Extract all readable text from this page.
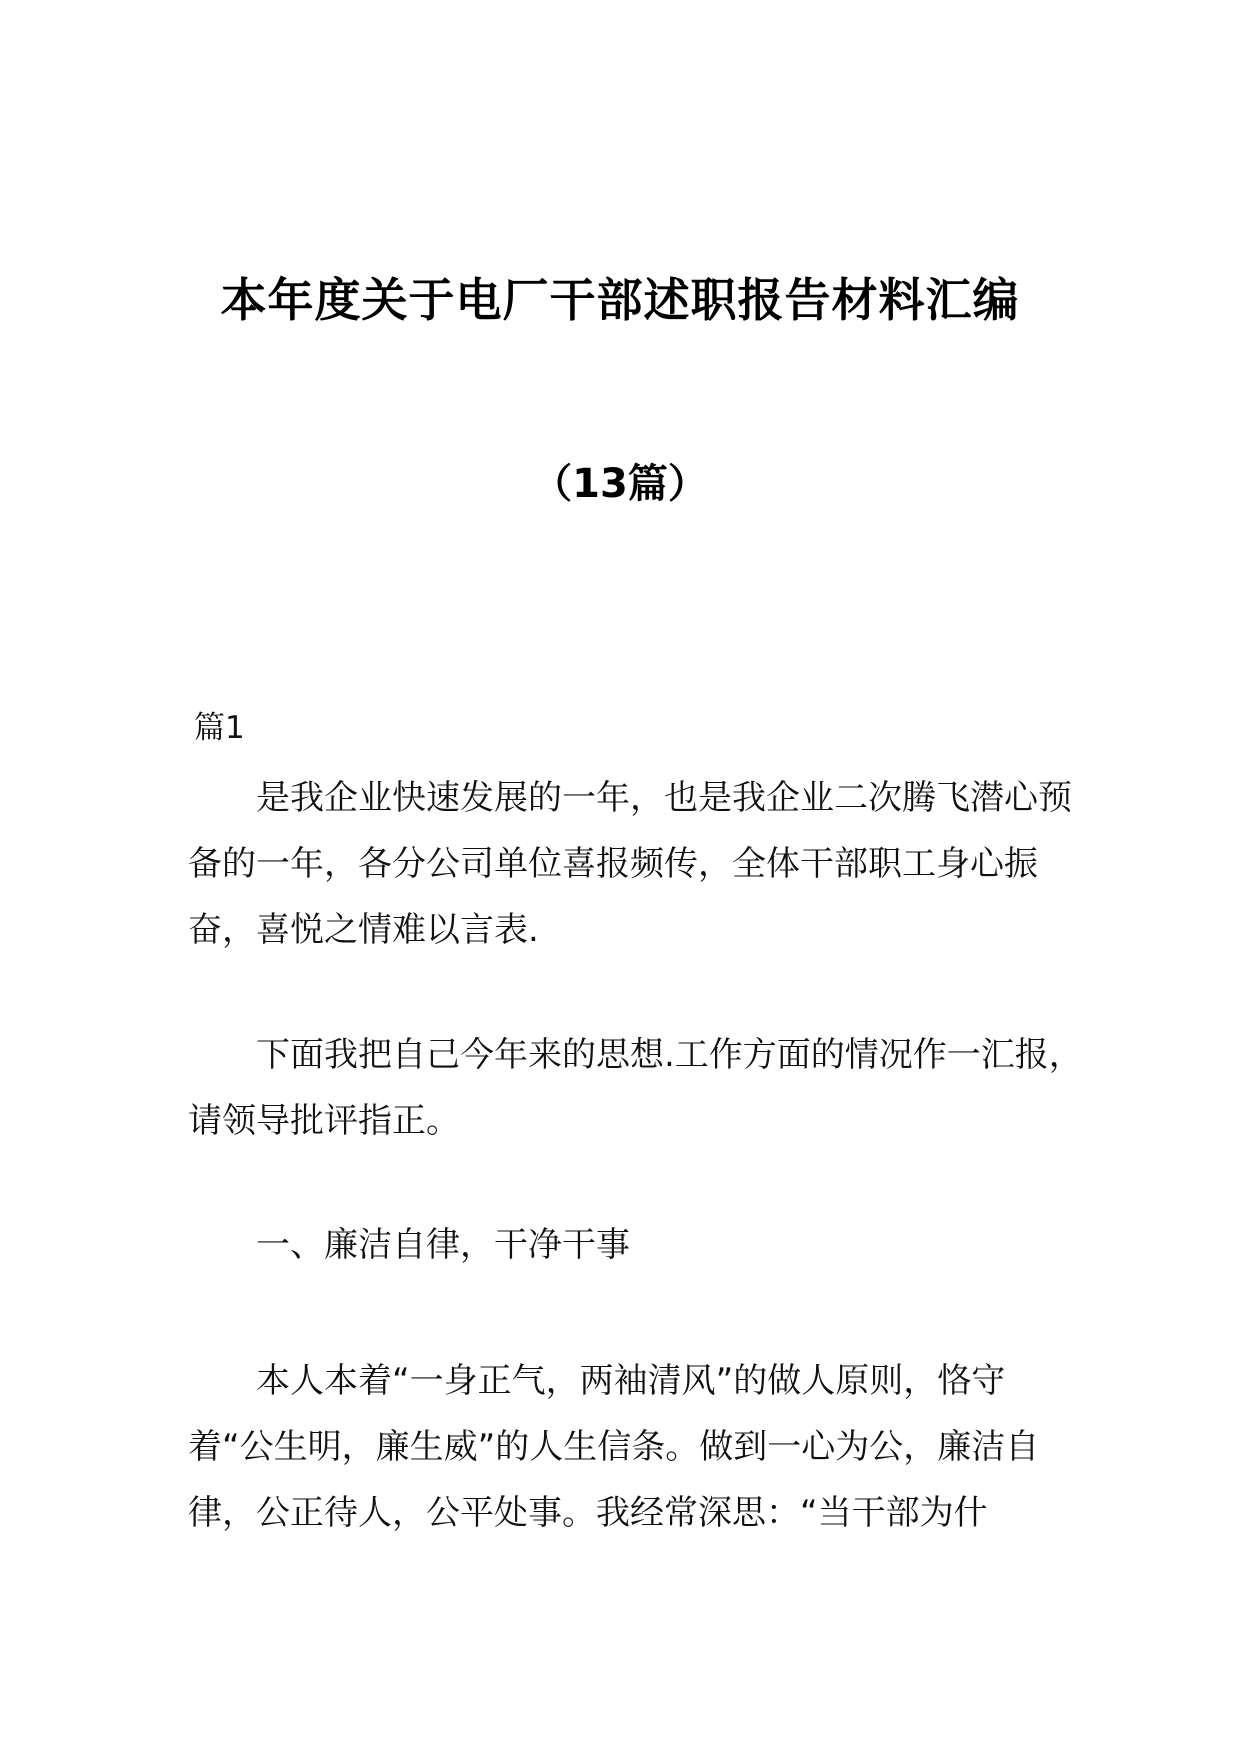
本年度关于电厂干部述职报告材料汇编
（13篇）
篇1

是我企业快速发展的一年，也是我企业二次腾飞潜心预备的一年，各分公司单位喜报频传，全体干部职工身心振奋，喜悦之情难以言表.

下面我把自己今年来的思想.工作方面的情况作一汇报，请领导批评指正。

一、廉洁自律，干净干事

本人本着“一身正气，两袖清风”的做人原则，恪守着“公生明，廉生威”的人生信条。做到一心为公，廉洁自律，公正待人，公平处事。我经常深思：“当干部为什
